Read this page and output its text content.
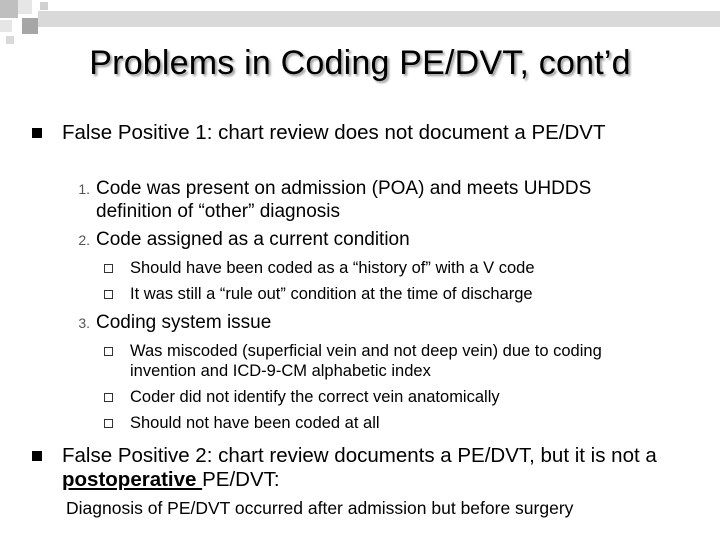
Problems in Coding PE/DVT, cont’d
False Positive 1: chart review does not document a PE/DVT
1. Code was present on admission (POA) and meets UHDDS definition of “other” diagnosis
2. Code assigned as a current condition
Should have been coded as a “history of” with a V code
It was still a “rule out” condition at the time of discharge
3. Coding system issue
Was miscoded (superficial vein and not deep vein) due to coding invention and ICD-9-CM alphabetic index
Coder did not identify the correct vein anatomically
Should not have been coded at all
False Positive 2: chart review documents a PE/DVT, but it is not a postoperative PE/DVT:
Diagnosis of PE/DVT occurred after admission but before surgery
